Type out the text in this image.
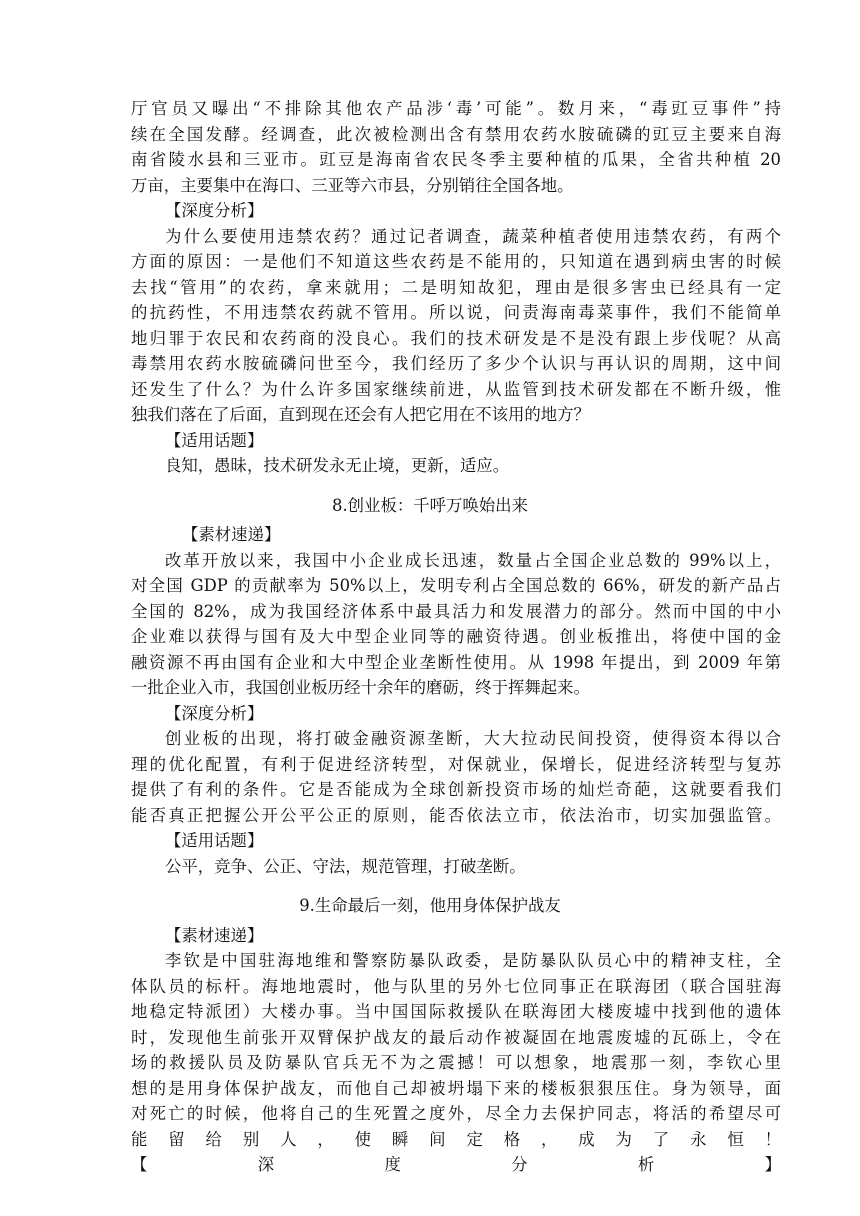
厅官员又曝出“不排除其他农产品涉‘毒’可能”。数月来，“毒豇豆事件”持
续在全国发酵。经调查，此次被检测出含有禁用农药水胺硫磷的豇豆主要来自海
南省陵水县和三亚市。豇豆是海南省农民冬季主要种植的瓜果，全省共种植 20
万亩，主要集中在海口、三亚等六市县，分别销往全国各地。
【深度分析】
为什么要使用违禁农药？通过记者调查，蔬菜种植者使用违禁农药，有两个
方面的原因：一是他们不知道这些农药是不能用的，只知道在遇到病虫害的时候
去找“管用”的农药，拿来就用；二是明知故犯，理由是很多害虫已经具有一定
的抗药性，不用违禁农药就不管用。所以说，问责海南毒菜事件，我们不能简单
地归罪于农民和农药商的没良心。我们的技术研发是不是没有跟上步伐呢？从高
毒禁用农药水胺硫磷问世至今，我们经历了多少个认识与再认识的周期，这中间
还发生了什么？为什么许多国家继续前进，从监管到技术研发都在不断升级，惟
独我们落在了后面，直到现在还会有人把它用在不该用的地方？
【适用话题】
良知，愚昧，技术研发永无止境，更新，适应。
8.创业板：千呼万唤始出来
【素材速递】
改革开放以来，我国中小企业成长迅速，数量占全国企业总数的 99%以上，
对全国 GDP 的贡献率为 50%以上，发明专利占全国总数的 66%，研发的新产品占
全国的 82%，成为我国经济体系中最具活力和发展潜力的部分。然而中国的中小
企业难以获得与国有及大中型企业同等的融资待遇。创业板推出，将使中国的金
融资源不再由国有企业和大中型企业垄断性使用。从 1998 年提出，到 2009 年第
一批企业入市，我国创业板历经十余年的磨砺，终于挥舞起来。
【深度分析】
创业板的出现，将打破金融资源垄断，大大拉动民间投资，使得资本得以合
理的优化配置，有利于促进经济转型，对保就业，保增长，促进经济转型与复苏
提供了有利的条件。它是否能成为全球创新投资市场的灿烂奇葩，这就要看我们
能否真正把握公开公平公正的原则，能否依法立市，依法治市，切实加强监管。
【适用话题】
公平，竞争、公正、守法，规范管理，打破垄断。
9.生命最后一刻，他用身体保护战友
【素材速递】
李钦是中国驻海地维和警察防暴队政委，是防暴队队员心中的精神支柱，全
体队员的标杆。海地地震时，他与队里的另外七位同事正在联海团（联合国驻海
地稳定特派团）大楼办事。当中国国际救援队在联海团大楼废墟中找到他的遗体
时，发现他生前张开双臂保护战友的最后动作被凝固在地震废墟的瓦砾上，令在
场的救援队员及防暴队官兵无不为之震撼！可以想象，地震那一刻，李钦心里
想的是用身体保护战友，而他自己却被坍塌下来的楼板狠狠压住。身为领导，面
对死亡的时候，他将自己的生死置之度外，尽全力去保护同志，将活的希望尽可
能留给别人，使瞬间定格，成为了永恒！
【深度分析】
